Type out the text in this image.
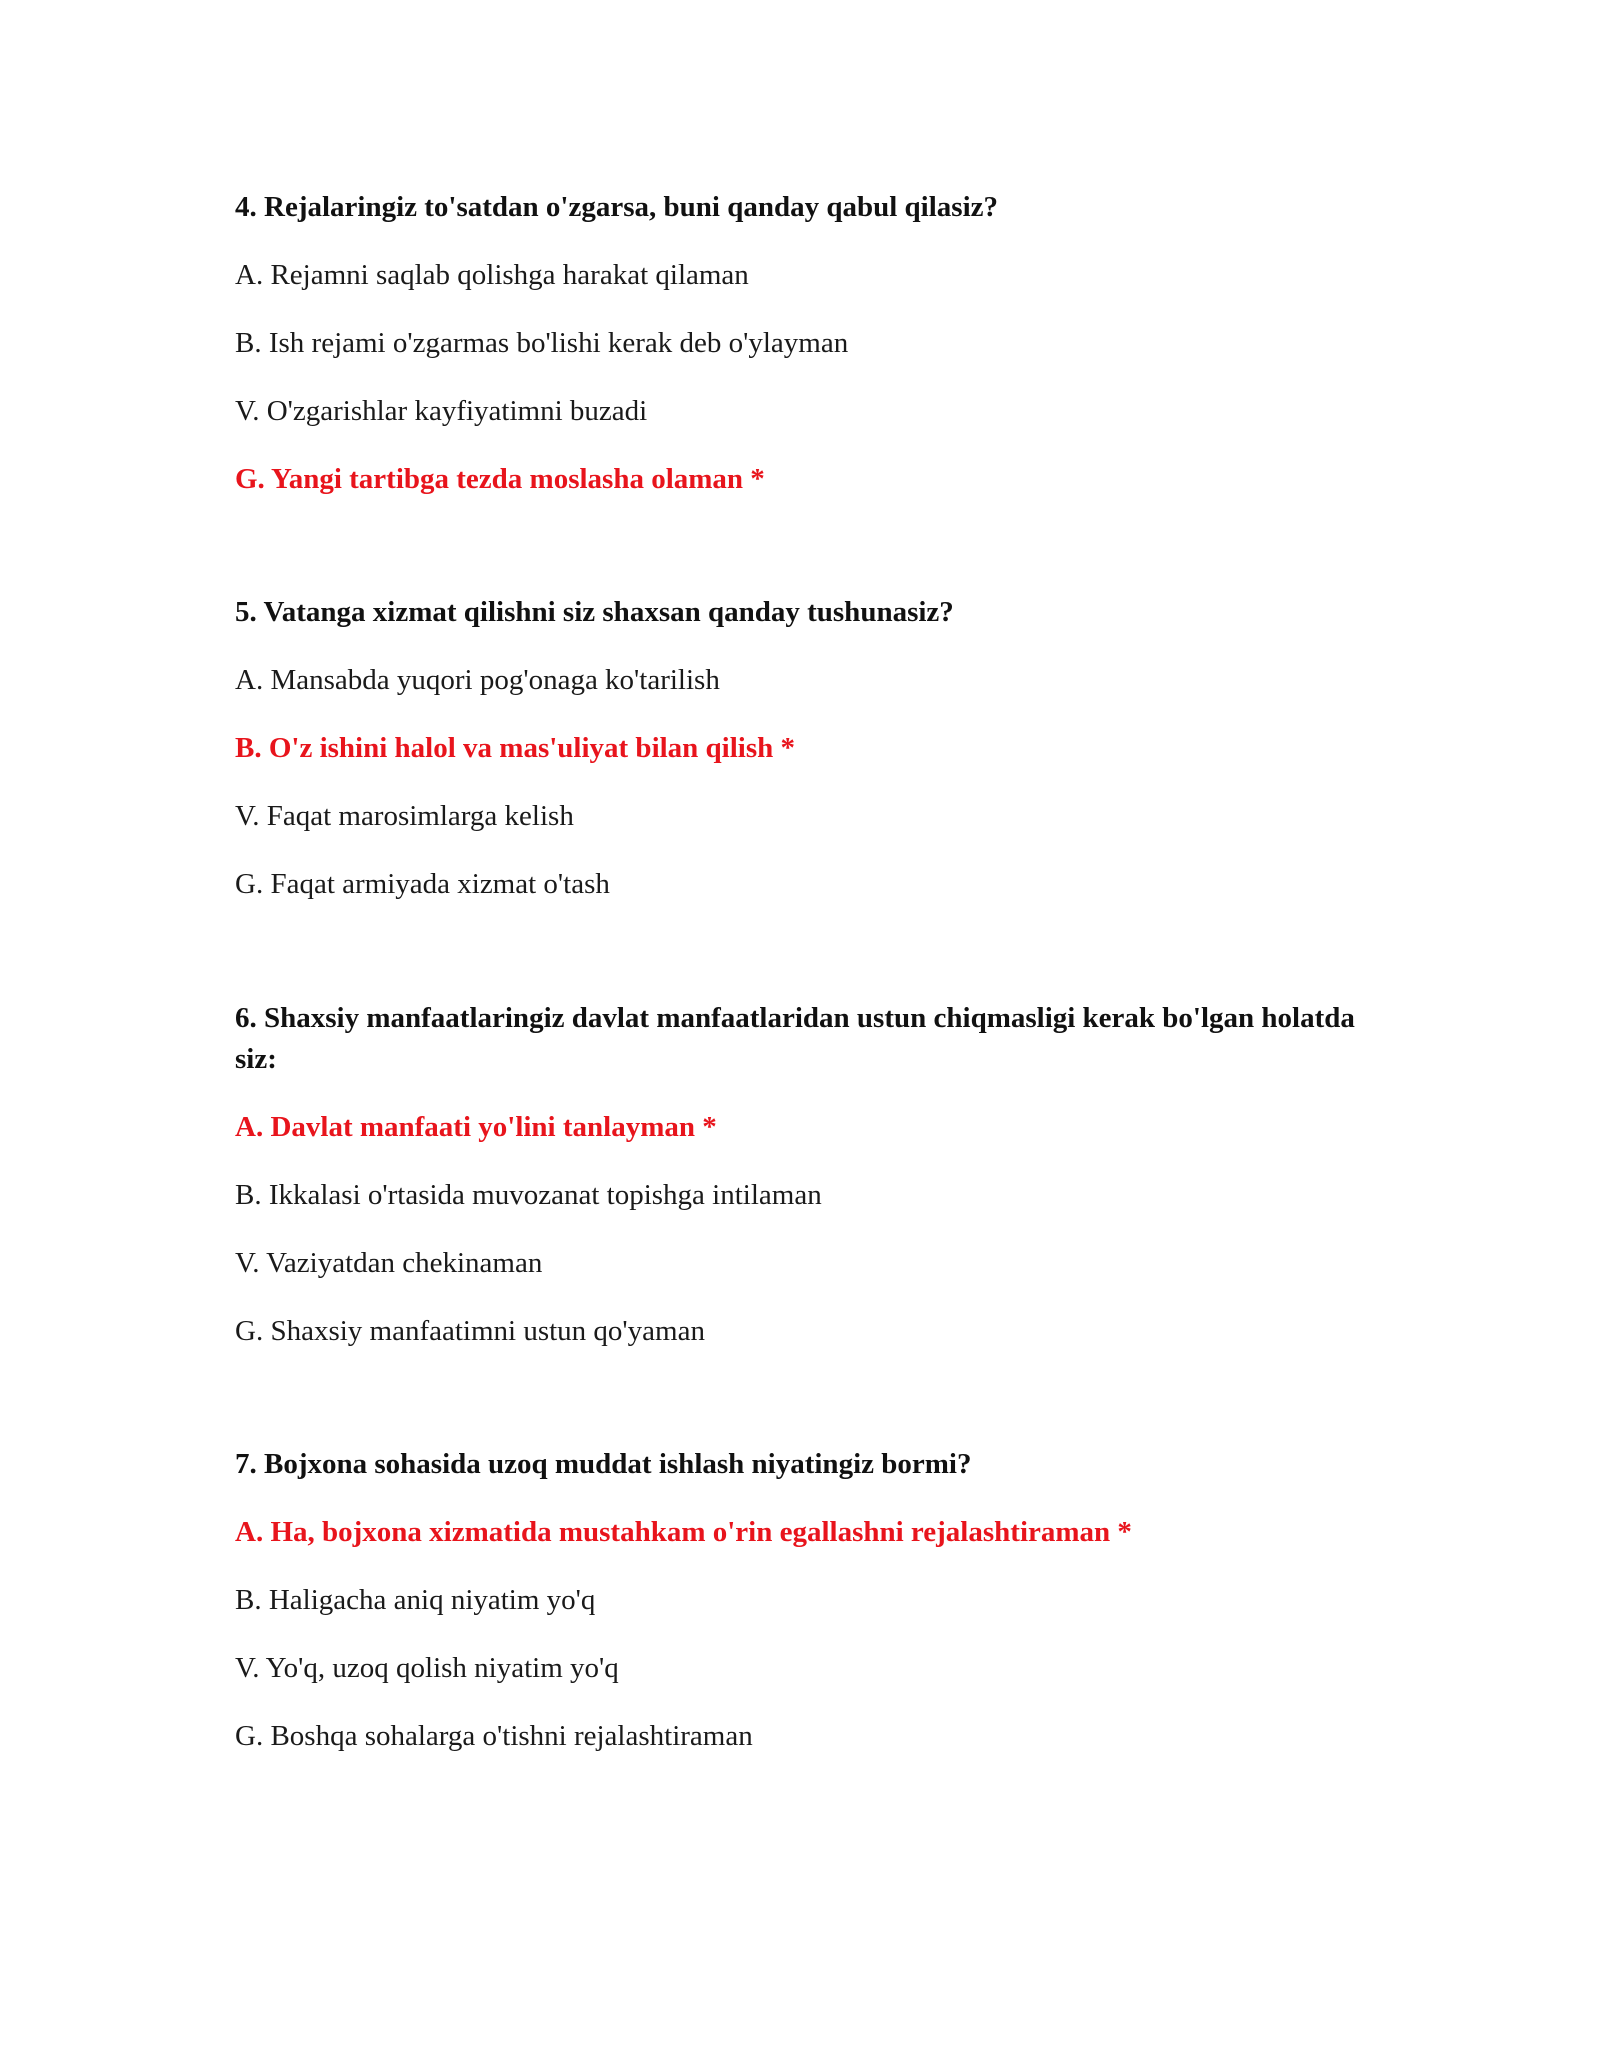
4. Rejalaringiz to'satdan o'zgarsa, buni qanday qabul qilasiz?
A. Rejamni saqlab qolishga harakat qilaman
B. Ish rejami o'zgarmas bo'lishi kerak deb o'ylayman
V. O'zgarishlar kayfiyatimni buzadi
G. Yangi tartibga tezda moslasha olaman *
5. Vatanga xizmat qilishni siz shaxsan qanday tushunasiz?
A. Mansabda yuqori pog'onaga ko'tarilish
B. O'z ishini halol va mas'uliyat bilan qilish *
V. Faqat marosimlarga kelish
G. Faqat armiyada xizmat o'tash
6. Shaxsiy manfaatlaringiz davlat manfaatlaridan ustun chiqmasligi kerak bo'lgan holatda siz:
A. Davlat manfaati yo'lini tanlayman *
B. Ikkalasi o'rtasida muvozanat topishga intilaman
V. Vaziyatdan chekinaman
G. Shaxsiy manfaatimni ustun qo'yaman
7. Bojxona sohasida uzoq muddat ishlash niyatingiz bormi?
A. Ha, bojxona xizmatida mustahkam o'rin egallashni rejalashtiraman *
B. Haligacha aniq niyatim yo'q
V. Yo'q, uzoq qolish niyatim yo'q
G. Boshqa sohalarga o'tishni rejalashtiraman
